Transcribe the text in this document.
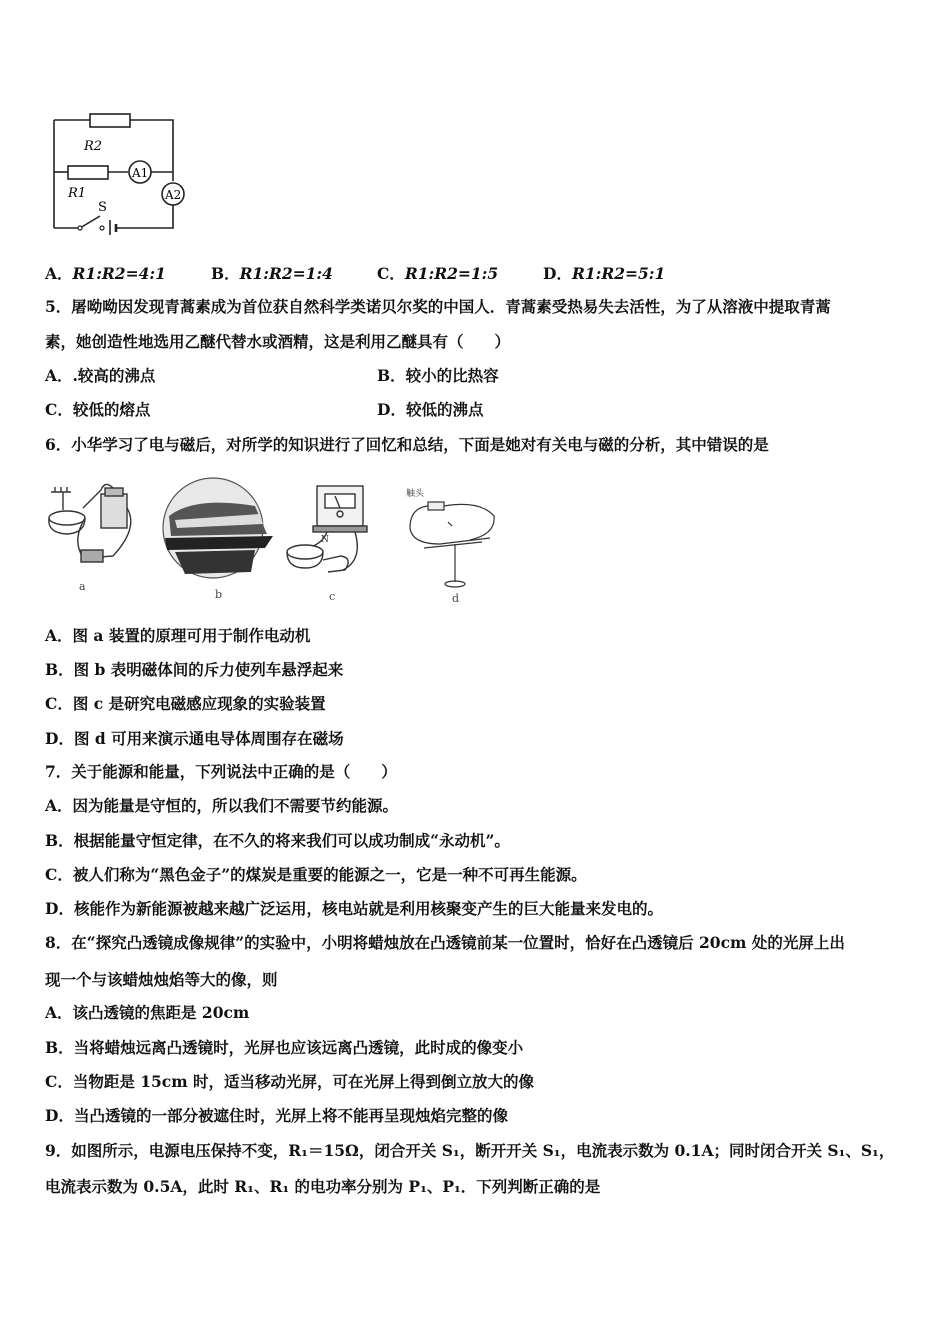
R2
R1
A1
A2
S
A．R1:R2=4:1	B．R1:R2=1:4	C．R1:R2=1:5	D．R1:R2=5:1
5．屠呦呦因发现青蒿素成为首位获自然科学类诺贝尔奖的中国人．青蒿素受热易失去活性，为了从溶液中提取青蒿
素，她创造性地选用乙醚代替水或酒精，这是利用乙醚具有（　　）
A．.较高的沸点	B．较小的比热容
C．较低的熔点	D．较低的沸点
6．小华学习了电与磁后，对所学的知识进行了回忆和总结，下面是她对有关电与磁的分析，其中错误的是
a
b
N
c
触头
d
A．图 a 装置的原理可用于制作电动机
B．图 b 表明磁体间的斥力使列车悬浮起来
C．图 c 是研究电磁感应现象的实验装置
D．图 d 可用来演示通电导体周围存在磁场
7．关于能源和能量，下列说法中正确的是（　　）
A．因为能量是守恒的，所以我们不需要节约能源。
B．根据能量守恒定律，在不久的将来我们可以成功制成“永动机”。
C．被人们称为“黑色金子”的煤炭是重要的能源之一，它是一种不可再生能源。
D．核能作为新能源被越来越广泛运用，核电站就是利用核聚变产生的巨大能量来发电的。
8．在“探究凸透镜成像规律”的实验中，小明将蜡烛放在凸透镜前某一位置时，恰好在凸透镜后 20cm 处的光屏上出
现一个与该蜡烛烛焰等大的像，则
A．该凸透镜的焦距是 20cm
B．当将蜡烛远离凸透镜时，光屏也应该远离凸透镜，此时成的像变小
C．当物距是 15cm 时，适当移动光屏，可在光屏上得到倒立放大的像
D．当凸透镜的一部分被遮住时，光屏上将不能再呈现烛焰完整的像
9．如图所示，电源电压保持不变，R₁＝15Ω，闭合开关 S₁，断开开关 S₁，电流表示数为 0.1A；同时闭合开关 S₁、S₁，
电流表示数为 0.5A，此时 R₁、R₁ 的电功率分别为 P₁、P₁．下列判断正确的是
